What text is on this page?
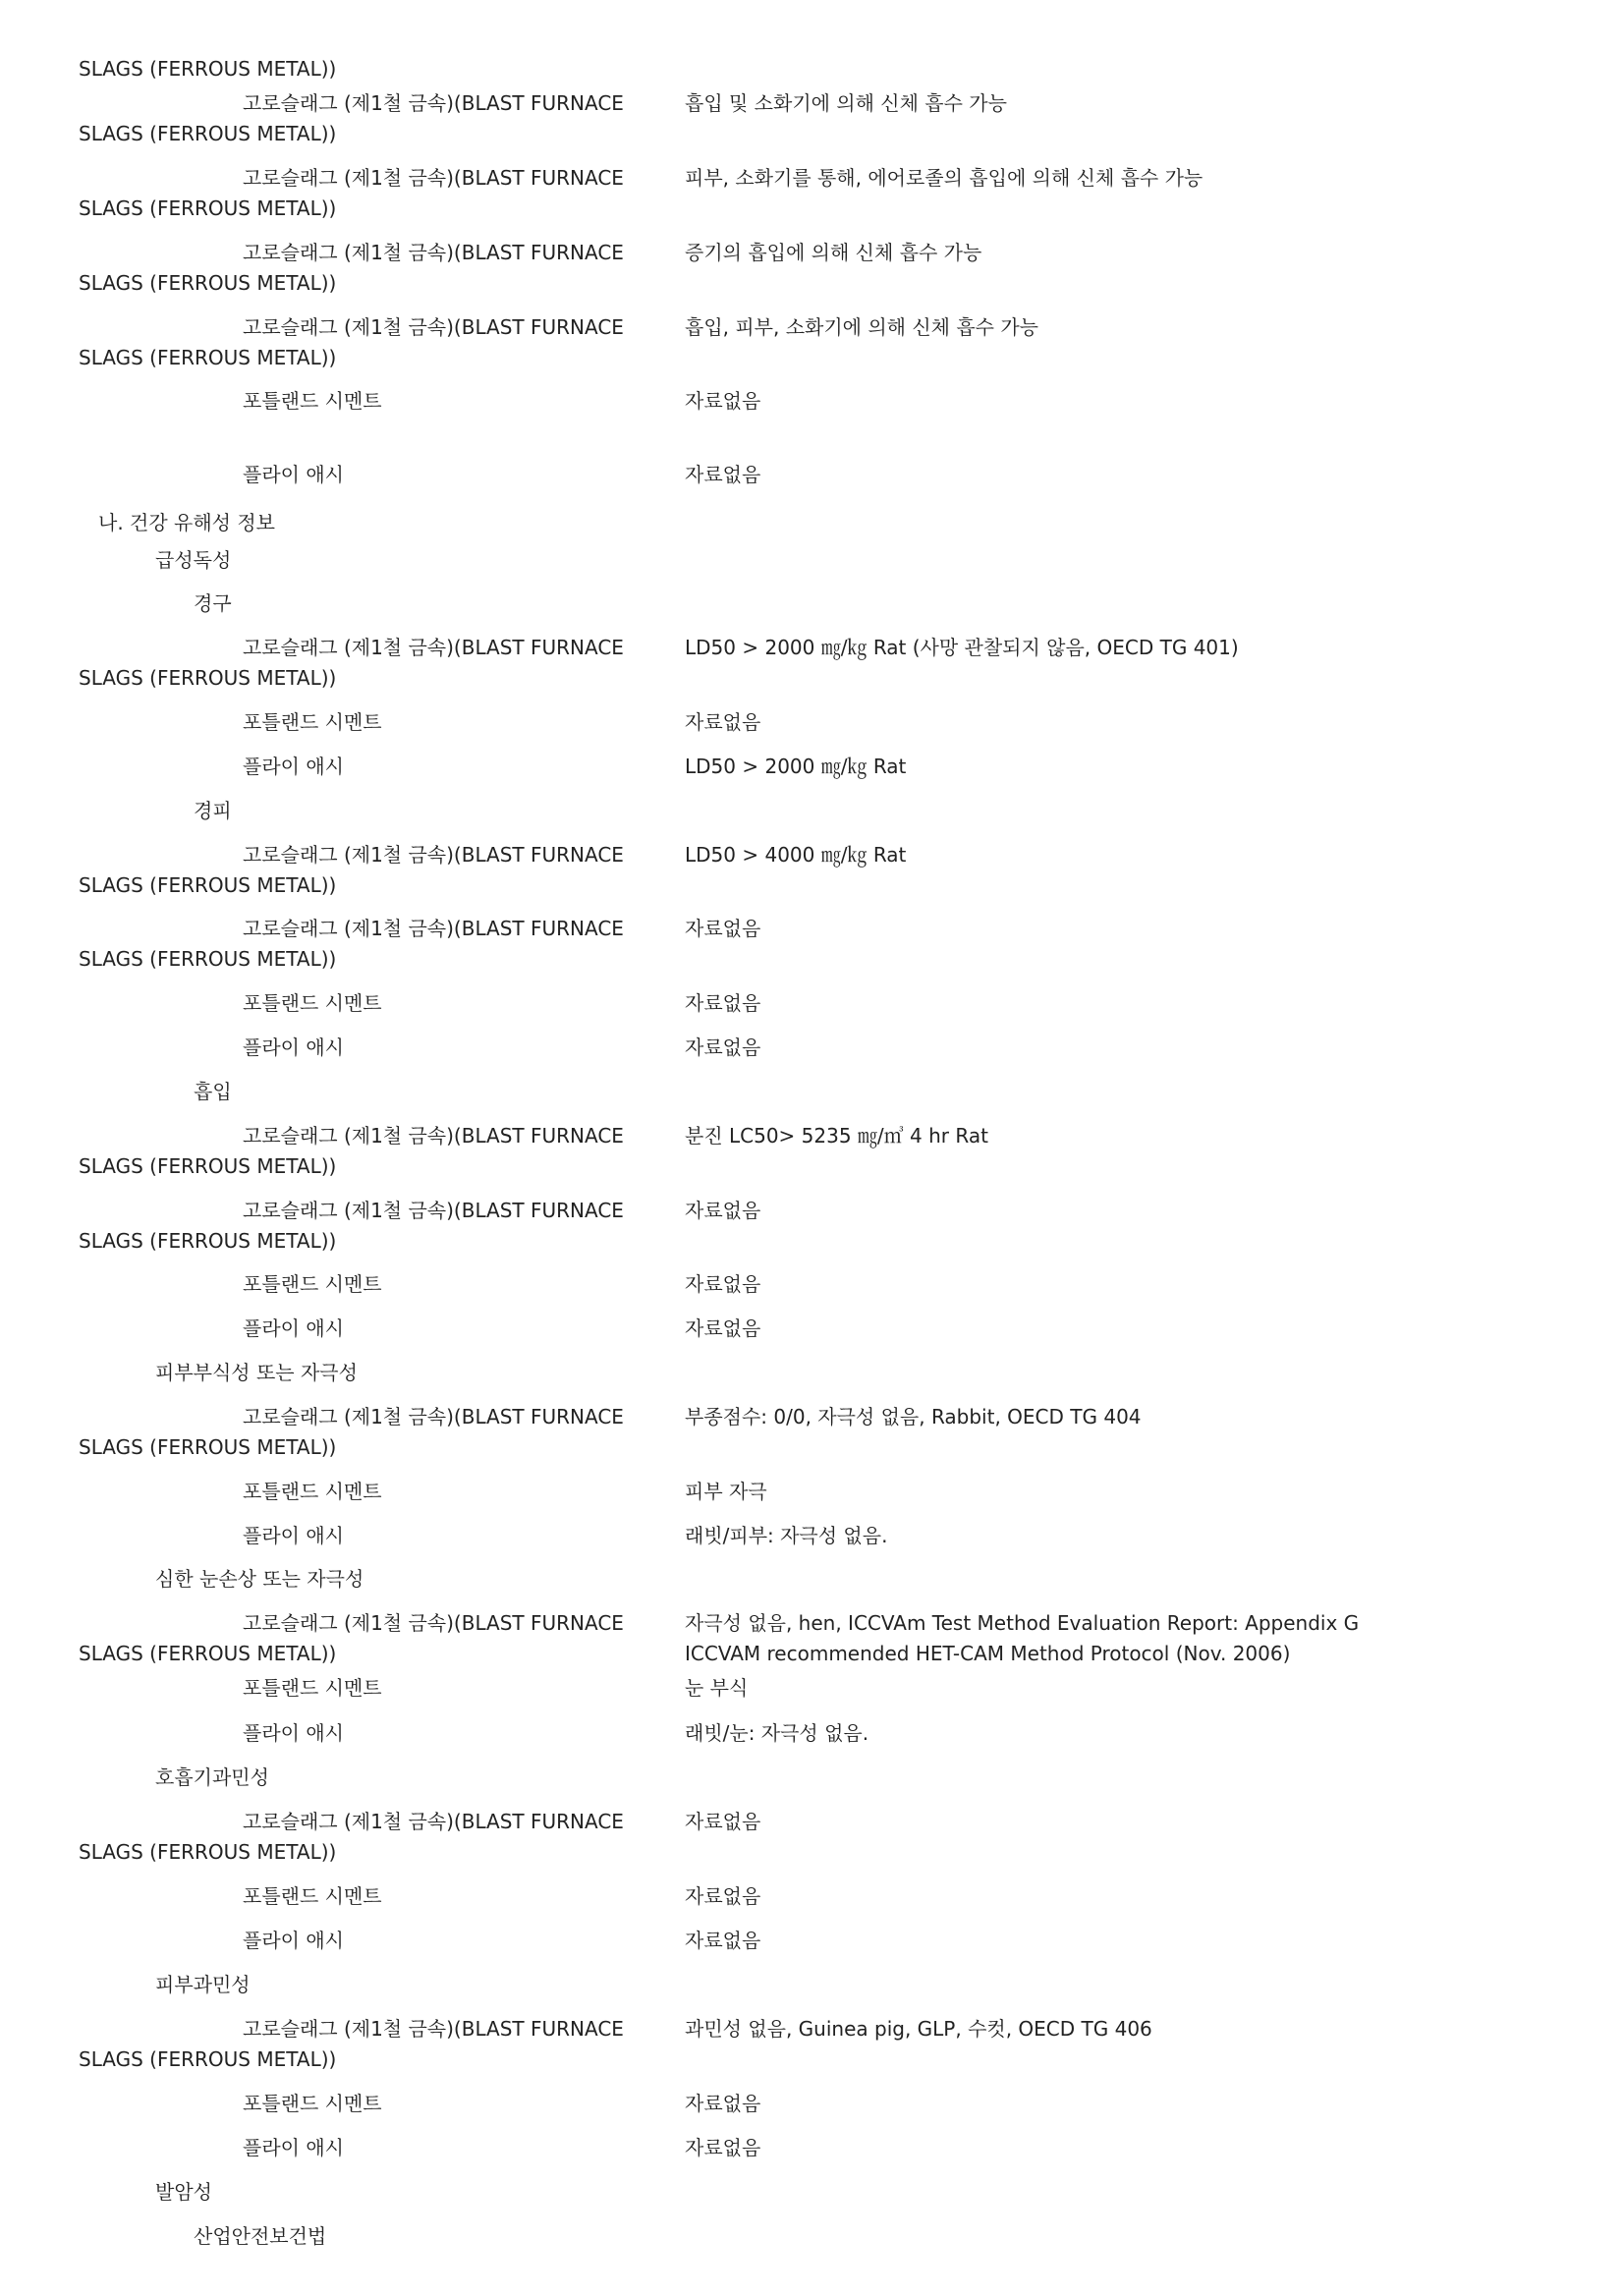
SLAGS (FERROUS METAL))
고로슬래그 (제1철 금속)(BLAST FURNACE	흡입 및 소화기에 의해 신체 흡수 가능
SLAGS (FERROUS METAL))
고로슬래그 (제1철 금속)(BLAST FURNACE	피부, 소화기를 통해, 에어로졸의 흡입에 의해 신체 흡수 가능
SLAGS (FERROUS METAL))
고로슬래그 (제1철 금속)(BLAST FURNACE	증기의 흡입에 의해 신체 흡수 가능
SLAGS (FERROUS METAL))
고로슬래그 (제1철 금속)(BLAST FURNACE	흡입, 피부, 소화기에 의해 신체 흡수 가능
SLAGS (FERROUS METAL))
포틀랜드 시멘트	자료없음
플라이 애시	자료없음
나. 건강 유해성 정보
급성독성
경구
고로슬래그 (제1철 금속)(BLAST FURNACE	LD50 > 2000 ㎎/㎏ Rat (사망 관찰되지 않음, OECD TG 401)
SLAGS (FERROUS METAL))
포틀랜드 시멘트	자료없음
플라이 애시	LD50 > 2000 ㎎/㎏ Rat
경피
고로슬래그 (제1철 금속)(BLAST FURNACE	LD50 > 4000 ㎎/㎏ Rat
SLAGS (FERROUS METAL))
고로슬래그 (제1철 금속)(BLAST FURNACE	자료없음
SLAGS (FERROUS METAL))
포틀랜드 시멘트	자료없음
플라이 애시	자료없음
흡입
고로슬래그 (제1철 금속)(BLAST FURNACE	분진 LC50> 5235 ㎎/㎥ 4 hr Rat
SLAGS (FERROUS METAL))
고로슬래그 (제1철 금속)(BLAST FURNACE	자료없음
SLAGS (FERROUS METAL))
포틀랜드 시멘트	자료없음
플라이 애시	자료없음
피부부식성 또는 자극성
고로슬래그 (제1철 금속)(BLAST FURNACE	부종점수: 0/0, 자극성 없음, Rabbit, OECD TG 404
SLAGS (FERROUS METAL))
포틀랜드 시멘트	피부 자극
플라이 애시	래빗/피부: 자극성 없음.
심한 눈손상 또는 자극성
고로슬래그 (제1철 금속)(BLAST FURNACE	자극성 없음, hen, ICCVAm Test Method Evaluation Report: Appendix G
SLAGS (FERROUS METAL))	ICCVAM recommended HET-CAM Method Protocol (Nov. 2006)
포틀랜드 시멘트	눈 부식
플라이 애시	래빗/눈: 자극성 없음.
호흡기과민성
고로슬래그 (제1철 금속)(BLAST FURNACE	자료없음
SLAGS (FERROUS METAL))
포틀랜드 시멘트	자료없음
플라이 애시	자료없음
피부과민성
고로슬래그 (제1철 금속)(BLAST FURNACE	과민성 없음, Guinea pig, GLP, 수컷, OECD TG 406
SLAGS (FERROUS METAL))
포틀랜드 시멘트	자료없음
플라이 애시	자료없음
발암성
산업안전보건법
